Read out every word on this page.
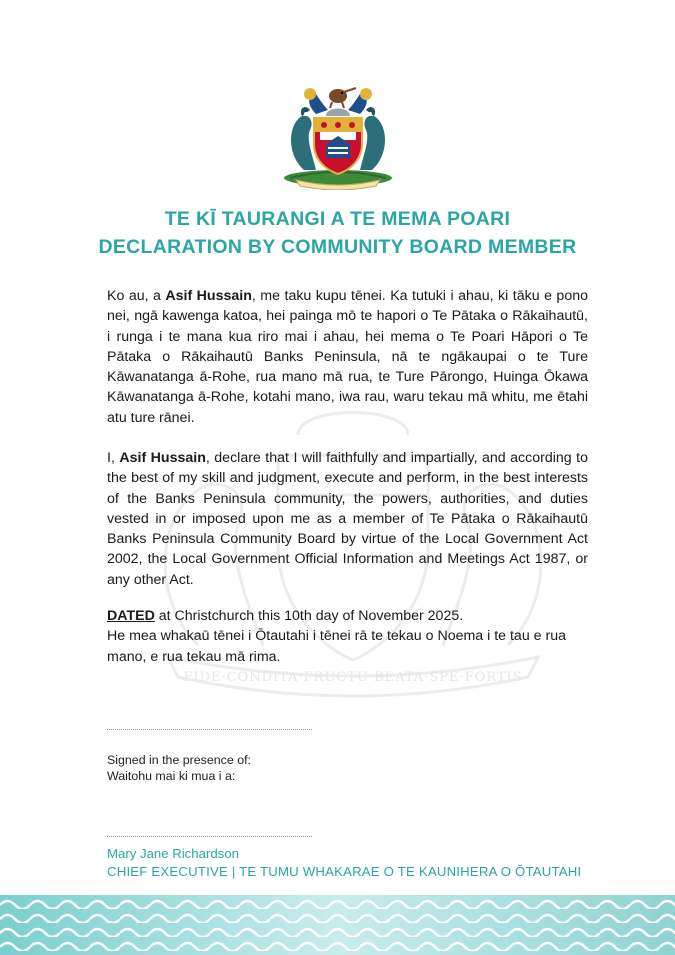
FIDE·CONDITA·FRUCTU·BEATA·SPE·FORTIS
TE KĪ TAURANGI A TE MEMA POARI
DECLARATION BY COMMUNITY BOARD MEMBER
Ko au, a Asif Hussain, me taku kupu tēnei. Ka tutuki i ahau, ki tāku e pono nei, ngā kawenga katoa, hei painga mō te hapori o Te Pātaka o Rākaihautū, i runga i te mana kua riro mai i ahau, hei mema o Te Poari Hāpori o Te Pātaka o Rākaihautū Banks Peninsula, nā te ngākaupai o te Ture Kāwanatanga ā-Rohe, rua mano mā rua, te Ture Pārongo, Huinga Ōkawa Kāwanatanga ā-Rohe, kotahi mano, iwa rau, waru tekau mā whitu, me ētahi atu ture rānei.
I, Asif Hussain, declare that I will faithfully and impartially, and according to the best of my skill and judgment, execute and perform, in the best interests of the Banks Peninsula community, the powers, authorities, and duties vested in or imposed upon me as a member of Te Pātaka o Rākaihautū Banks Peninsula Community Board by virtue of the Local Government Act 2002, the Local Government Official Information and Meetings Act 1987, or any other Act.
DATED at Christchurch this 10th day of November 2025.
He mea whakaū tēnei i Ōtautahi i tēnei rā te tekau o Noema i te tau e rua mano, e rua tekau mā rima.
Signed in the presence of:
Waitohu mai ki mua i a:
Mary Jane Richardson
CHIEF EXECUTIVE | TE TUMU WHAKARAE O TE KAUNIHERA O ŌTAUTAHI
